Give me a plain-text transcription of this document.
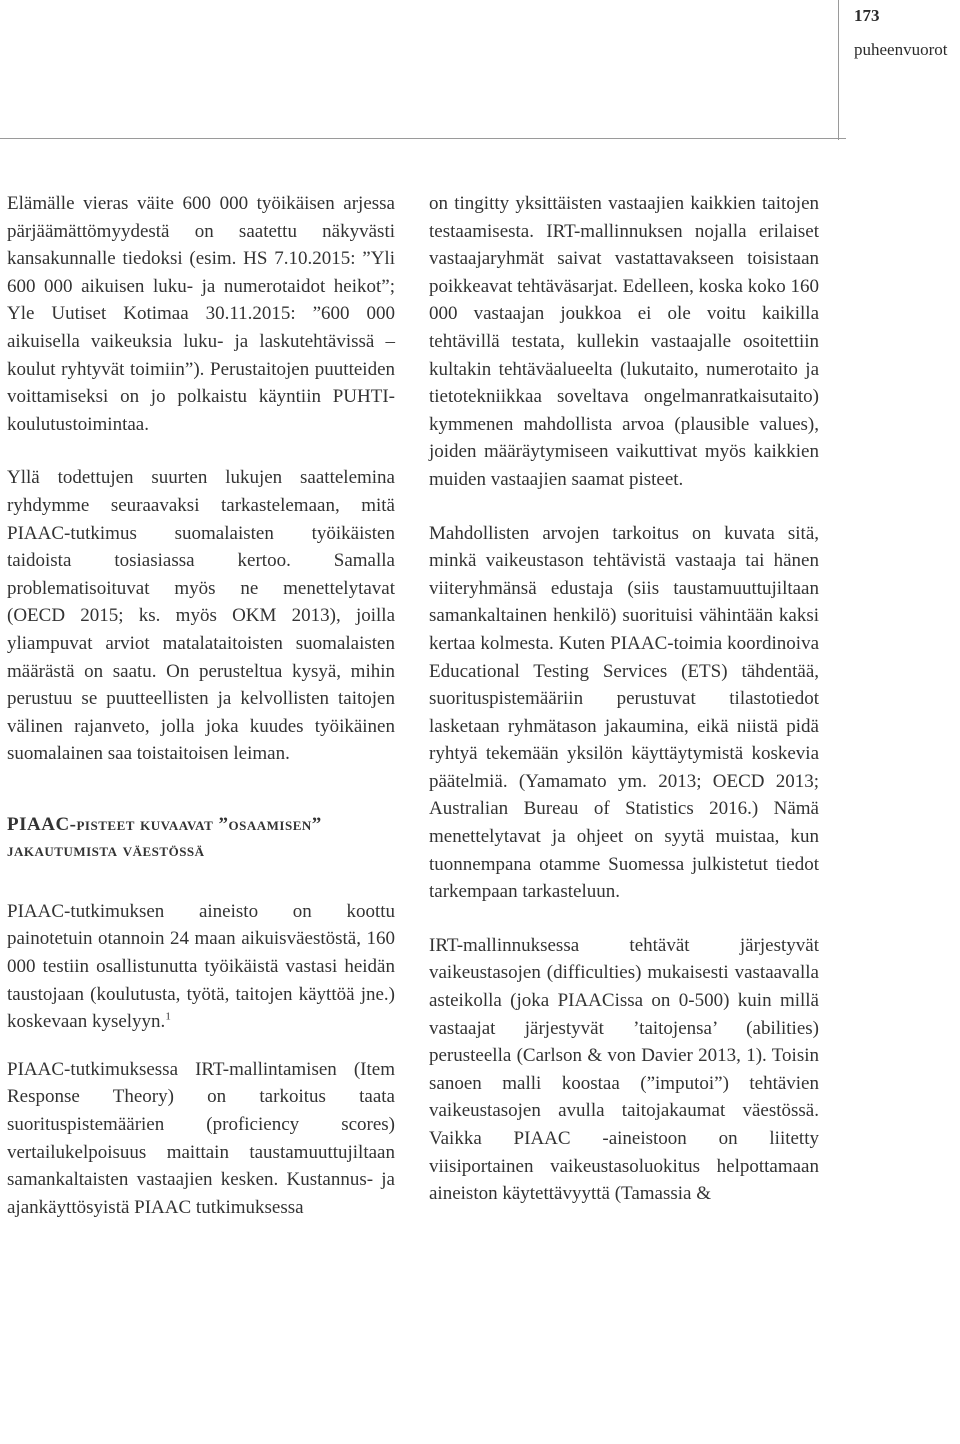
173
puheenvuorot

Elämälle vieras väite 600 000 työikäisen arjessa pärjäämättömyydestä on saatettu näkyvästi kansakunnalle tiedoksi (esim. HS 7.10.2015: ”Yli 600 000 aikuisen luku- ja numerotaidot heikot”; Yle Uutiset Kotimaa 30.11.2015: ”600 000 aikuisella vaikeuksia luku- ja laskutehtävissä – koulut ryhtyvät toimiin”). Perustaitojen puutteiden voittamiseksi on jo polkaistu käyntiin PUHTI-koulutustoimintaa.

Yllä todettujen suurten lukujen saattelemina ryhdymme seuraavaksi tarkastelemaan, mitä PIAAC-tutkimus suomalaisten työikäisten taidoista tosiasiassa kertoo. Samalla problematisoituvat myös ne menettelytavat (OECD 2015; ks. myös OKM 2013), joilla yliampuvat arviot matalataitoisten suomalaisten määrästä on saatu. On perusteltua kysyä, mihin perustuu se puutteellisten ja kelvollisten taitojen välinen rajanveto, jolla joka kuudes työikäinen suomalainen saa toistaitoisen leiman.

PIAAC-pisteet kuvaavat ”osaamisen” jakautumista väestössä

PIAAC-tutkimuksen aineisto on koottu painotetuin otannoin 24 maan aikuisväestöstä, 160 000 testiin osallistunutta työikäistä vastasi heidän taustojaan (koulutusta, työtä, taitojen käyttöä jne.) koskevaan kyselyyn.$^1$

PIAAC-tutkimuksessa IRT-mallintamisen (Item Response Theory) on tarkoitus taata suorituspistemäärien (proficiency scores) vertailukelpoisuus maittain taustamuuttujiltaan samankaltaisten vastaajien kesken. Kustannus- ja ajankäyttösyistä PIAAC tutkimuksessa

on tingitty yksittäisten vastaajien kaikkien taitojen testaamisesta. IRT-mallinnuksen nojalla erilaiset vastaajaryhmät saivat vastattavakseen toisistaan poikkeavat tehtäväsarjat. Edelleen, koska koko 160 000 vastaajan joukkoa ei ole voitu kaikilla tehtävillä testata, kullekin vastaajalle osoitettiin kultakin tehtäväalueelta (lukutaito, numerotaito ja tietotekniikkaa soveltava ongelmanratkaisutaito) kymmenen mahdollista arvoa (plausible values), joiden määräytymiseen vaikuttivat myös kaikkien muiden vastaajien saamat pisteet.

Mahdollisten arvojen tarkoitus on kuvata sitä, minkä vaikeustason tehtävistä vastaaja tai hänen viiteryhmänsä edustaja (siis taustamuuttujiltaan samankaltainen henkilö) suorituisi vähintään kaksi kertaa kolmesta. Kuten PIAAC-toimia koordinoiva Educational Testing Services (ETS) tähdentää, suorituspistemääriin perustuvat tilastotiedot lasketaan ryhmätason jakaumina, eikä niistä pidä ryhtyä tekemään yksilön käyttäytymistä koskevia päätelmiä. (Yamamato ym. 2013; OECD 2013; Australian Bureau of Statistics 2016.) Nämä menettelytavat ja ohjeet on syytä muistaa, kun tuonnempana otamme Suomessa julkistetut tiedot tarkempaan tarkasteluun.

IRT-mallinnuksessa tehtävät järjestyvät vaikeustasojen (difficulties) mukaisesti vastaavalla asteikolla (joka PIAACissa on 0-500) kuin millä vastaajat järjestyvät ’taitojensa’ (abilities) perusteella (Carlson & von Davier 2013, 1). Toisin sanoen malli koostaa (”imputoi”) tehtävien vaikeustasojen avulla taitojakaumat väestössä. Vaikka PIAAC -aineistoon on liitetty viisiportainen vaikeustasoluokitus helpottamaan aineiston käytettävyyttä (Tamassia &
